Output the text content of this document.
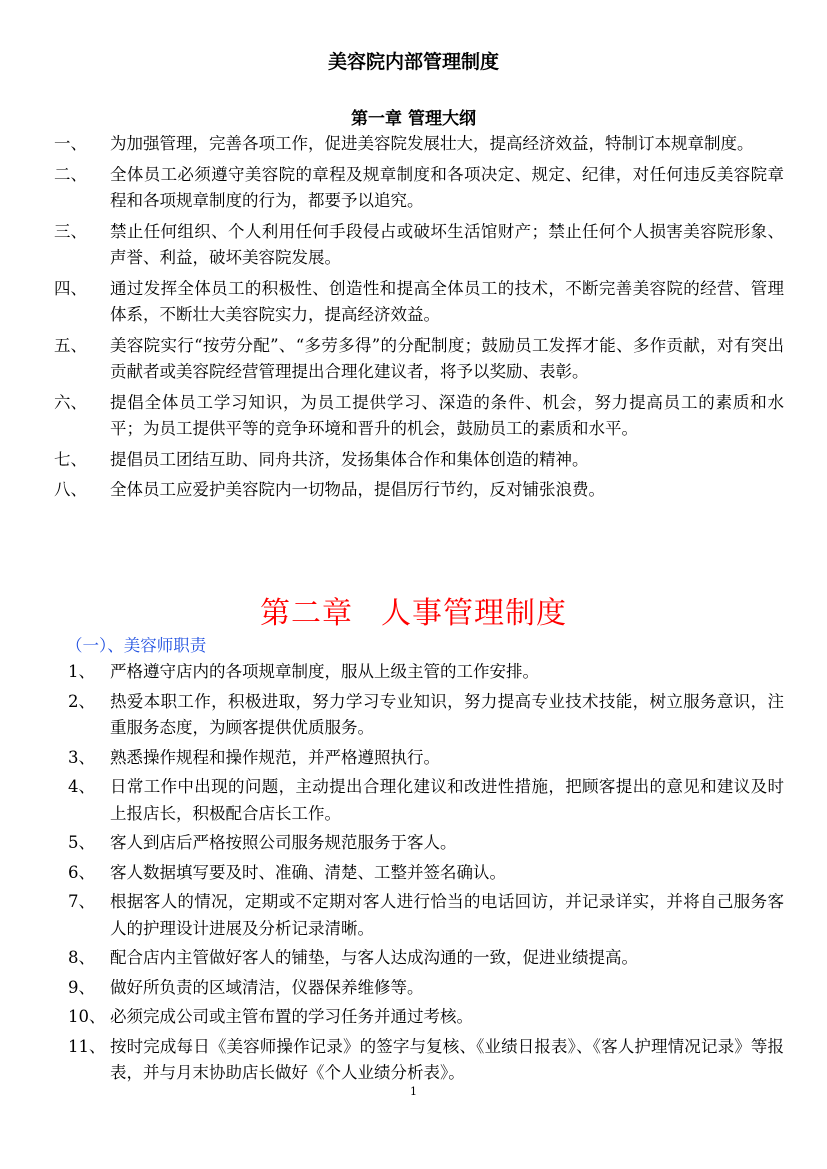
美容院内部管理制度
第一章 管理大纲
一、	为加强管理，完善各项工作，促进美容院发展壮大，提高经济效益，特制订本规章制度。
二、	全体员工必须遵守美容院的章程及规章制度和各项决定、规定、纪律，对任何违反美容院章程和各项规章制度的行为，都要予以追究。
三、	禁止任何组织、个人利用任何手段侵占或破坏生活馆财产；禁止任何个人损害美容院形象、声誉、利益，破坏美容院发展。
四、	通过发挥全体员工的积极性、创造性和提高全体员工的技术，不断完善美容院的经营、管理体系，不断壮大美容院实力，提高经济效益。
五、	美容院实行“按劳分配”、“多劳多得”的分配制度；鼓励员工发挥才能、多作贡献，对有突出贡献者或美容院经营管理提出合理化建议者，将予以奖励、表彰。
六、	提倡全体员工学习知识，为员工提供学习、深造的条件、机会，努力提高员工的素质和水平；为员工提供平等的竞争环境和晋升的机会，鼓励员工的素质和水平。
七、	提倡员工团结互助、同舟共济，发扬集体合作和集体创造的精神。
八、	全体员工应爱护美容院内一切物品，提倡厉行节约，反对铺张浪费。
第二章 人事管理制度
（一）、美容师职责
1、 严格遵守店内的各项规章制度，服从上级主管的工作安排。
2、 热爱本职工作，积极进取，努力学习专业知识，努力提高专业技术技能，树立服务意识，注重服务态度，为顾客提供优质服务。
3、 熟悉操作规程和操作规范，并严格遵照执行。
4、 日常工作中出现的问题，主动提出合理化建议和改进性措施，把顾客提出的意见和建议及时上报店长，积极配合店长工作。
5、 客人到店后严格按照公司服务规范服务于客人。
6、 客人数据填写要及时、准确、清楚、工整并签名确认。
7、 根据客人的情况，定期或不定期对客人进行恰当的电话回访，并记录详实，并将自己服务客人的护理设计进展及分析记录清晰。
8、 配合店内主管做好客人的铺垫，与客人达成沟通的一致，促进业绩提高。
9、 做好所负责的区域清洁，仪器保养维修等。
10、 必须完成公司或主管布置的学习任务并通过考核。
11、 按时完成每日《美容师操作记录》的签字与复核、《业绩日报表》、《客人护理情况记录》等报表，并与月末协助店长做好《个人业绩分析表》。
1
